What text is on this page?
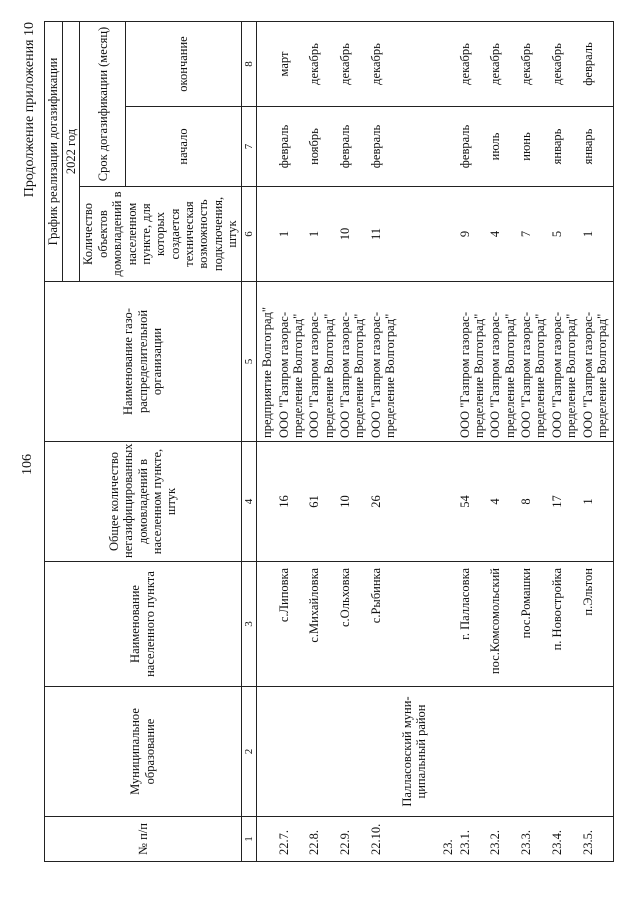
106
Продолжение приложения 10
№ п/п	Муниципальное образование	Наименование населенного пункта	Общее количество негазифицированных домовладений в населенном пункте, штук	Наименование газо-распределительной организации	График реализации догазификации		
					2022 год		
					Количество объектов домовладений в населенном пункте, для которых создается техническая возможность подключения, штук	Срок догазификации (месяц)	
						начало	окончание
1	2	3	4	5	6	7	8
				предприятие Волгоград"			
22.7.		с.Липовка	16	ООО "Газпром газорас-пределение Волгоград"	1	февраль	март
22.8.		с.Михайловка	61	ООО "Газпром газорас-пределение Волгоград"	1	ноябрь	декабрь
22.9.		с.Ольховка	10	ООО "Газпром газорас-пределение Волгоград"	10	февраль	декабрь
22.10.		с.Рыбинка	26	ООО "Газпром газорас-пределение Волгоград"	11	февраль	декабрь
23.	Палласовский муни-ципальный район						
23.1.		г. Палласовка	54	ООО "Газпром газорас-пределение Волгоград"	9	февраль	декабрь
23.2.		пос.Комсомольский	4	ООО "Газпром газорас-пределение Волгоград"	4	июль	декабрь
23.3.		пос.Ромашки	8	ООО "Газпром газорас-пределение Волгоград"	7	июнь	декабрь
23.4.		п. Новостройка	17	ООО "Газпром газорас-пределение Волгоград"	5	январь	декабрь
23.5.		п.Эльтон	1	ООО "Газпром газорас-пределение Волгоград"	1	январь	февраль
